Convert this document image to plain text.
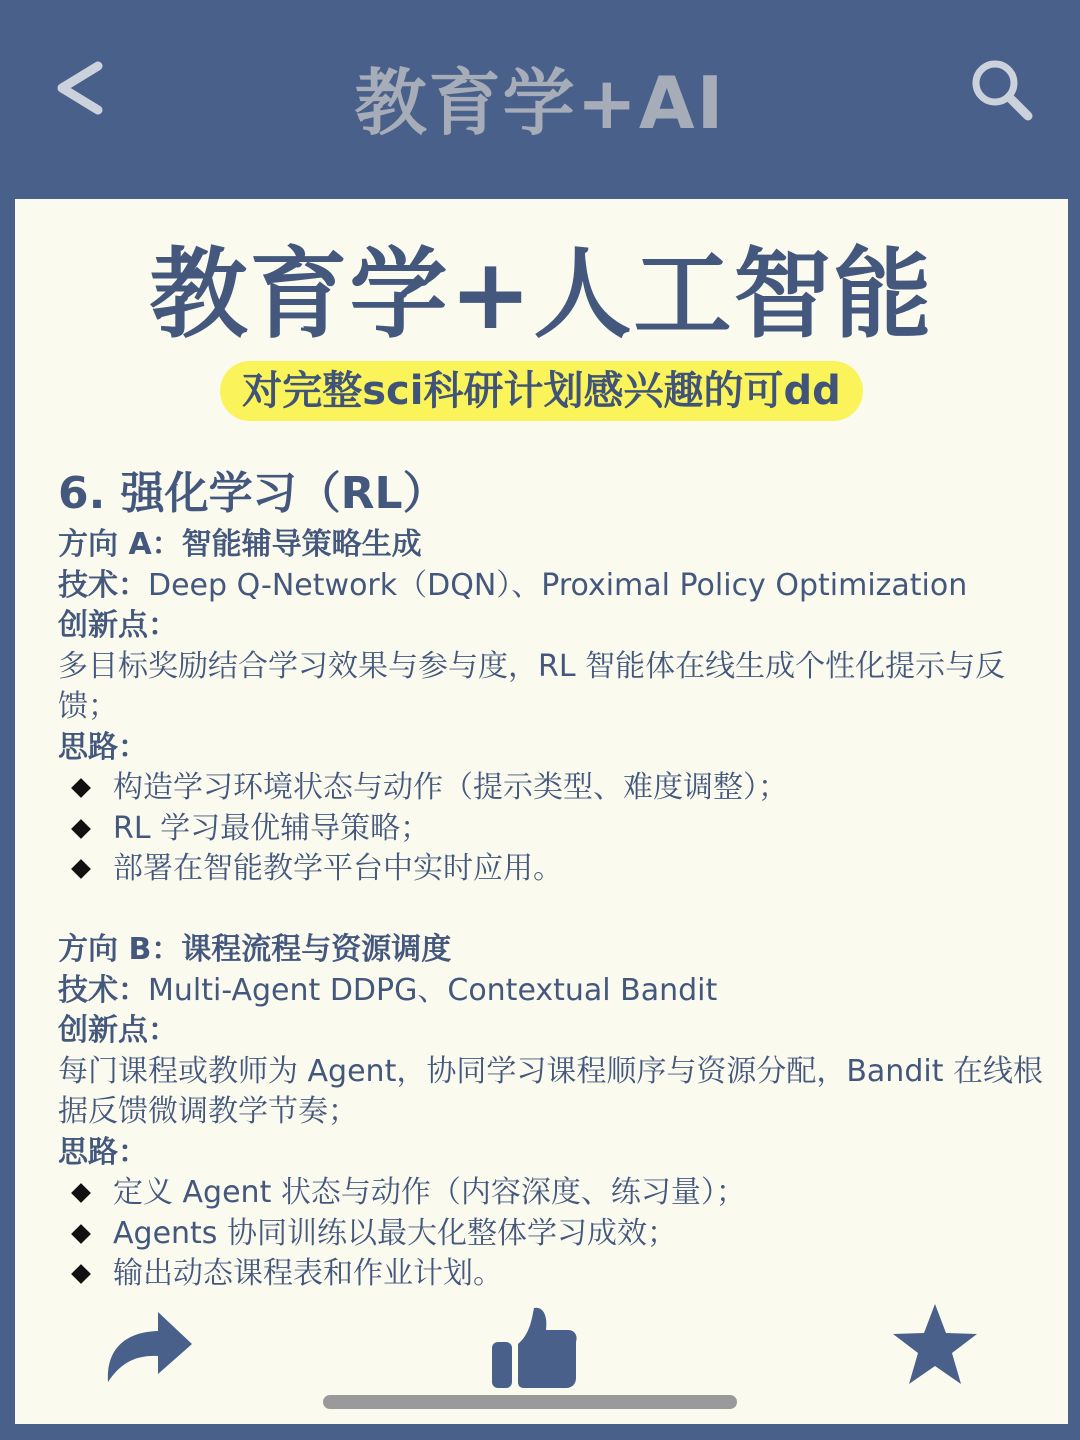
教育学+AI
教育学+人工智能
对完整sci科研计划感兴趣的可dd
6. 强化学习（RL）
方向 A：智能辅导策略生成
技术：Deep Q-Network（DQN）、Proximal Policy Optimization
创新点：
多目标奖励结合学习效果与参与度，RL 智能体在线生成个性化提示与反馈；
思路：
构造学习环境状态与动作（提示类型、难度调整）；
RL 学习最优辅导策略；
部署在智能教学平台中实时应用。
方向 B：课程流程与资源调度
技术：Multi-Agent DDPG、Contextual Bandit
创新点：
每门课程或教师为 Agent，协同学习课程顺序与资源分配，Bandit 在线根据反馈微调教学节奏；
思路：
定义 Agent 状态与动作（内容深度、练习量）；
Agents 协同训练以最大化整体学习成效；
输出动态课程表和作业计划。
